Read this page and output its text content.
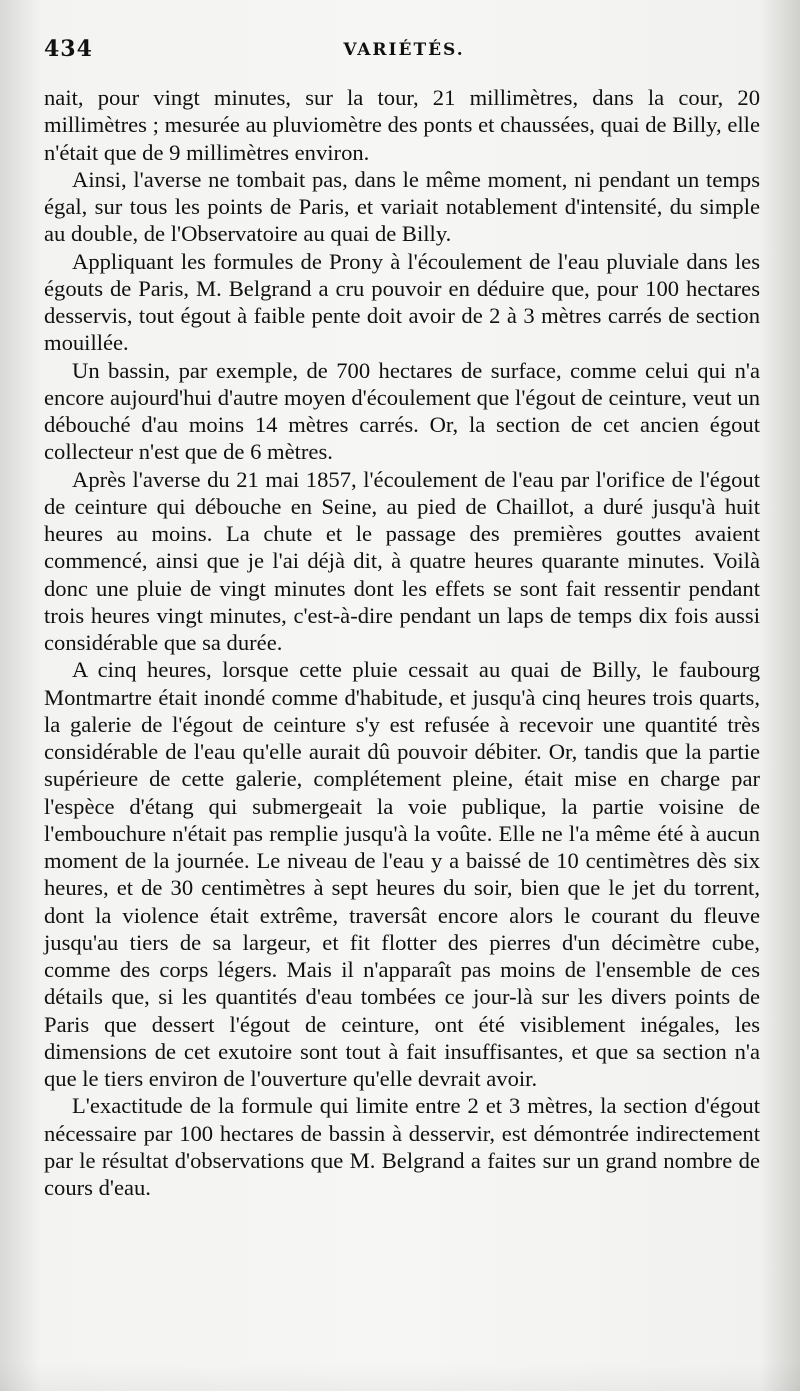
434	VARIÉTÉS.

nait, pour vingt minutes, sur la tour, 21 millimètres, dans la cour, 20 millimètres ; mesurée au pluviomètre des ponts et chaussées, quai de Billy, elle n'était que de 9 millimètres environ.

Ainsi, l'averse ne tombait pas, dans le même moment, ni pendant un temps égal, sur tous les points de Paris, et variait notablement d'intensité, du simple au double, de l'Observatoire au quai de Billy.

Appliquant les formules de Prony à l'écoulement de l'eau pluviale dans les égouts de Paris, M. Belgrand a cru pouvoir en déduire que, pour 100 hectares desservis, tout égout à faible pente doit avoir de 2 à 3 mètres carrés de section mouillée.

Un bassin, par exemple, de 700 hectares de surface, comme celui qui n'a encore aujourd'hui d'autre moyen d'écoulement que l'égout de ceinture, veut un débouché d'au moins 14 mètres carrés. Or, la section de cet ancien égout collecteur n'est que de 6 mètres.

Après l'averse du 21 mai 1857, l'écoulement de l'eau par l'orifice de l'égout de ceinture qui débouche en Seine, au pied de Chaillot, a duré jusqu'à huit heures au moins. La chute et le passage des premières gouttes avaient commencé, ainsi que je l'ai déjà dit, à quatre heures quarante minutes. Voilà donc une pluie de vingt minutes dont les effets se sont fait ressentir pendant trois heures vingt minutes, c'est-à-dire pendant un laps de temps dix fois aussi considérable que sa durée.

A cinq heures, lorsque cette pluie cessait au quai de Billy, le faubourg Montmartre était inondé comme d'habitude, et jusqu'à cinq heures trois quarts, la galerie de l'égout de ceinture s'y est refusée à recevoir une quantité très considérable de l'eau qu'elle aurait dû pouvoir débiter. Or, tandis que la partie supérieure de cette galerie, complétement pleine, était mise en charge par l'espèce d'étang qui submergeait la voie publique, la partie voisine de l'embouchure n'était pas remplie jusqu'à la voûte. Elle ne l'a même été à aucun moment de la journée. Le niveau de l'eau y a baissé de 10 centimètres dès six heures, et de 30 centimètres à sept heures du soir, bien que le jet du torrent, dont la violence était extrême, traversât encore alors le courant du fleuve jusqu'au tiers de sa largeur, et fit flotter des pierres d'un décimètre cube, comme des corps légers. Mais il n'apparaît pas moins de l'ensemble de ces détails que, si les quantités d'eau tombées ce jour-là sur les divers points de Paris que dessert l'égout de ceinture, ont été visiblement inégales, les dimensions de cet exutoire sont tout à fait insuffisantes, et que sa section n'a que le tiers environ de l'ouverture qu'elle devrait avoir.

L'exactitude de la formule qui limite entre 2 et 3 mètres, la section d'égout nécessaire par 100 hectares de bassin à desservir, est démontrée indirectement par le résultat d'observations que M. Belgrand a faites sur un grand nombre de cours d'eau.
